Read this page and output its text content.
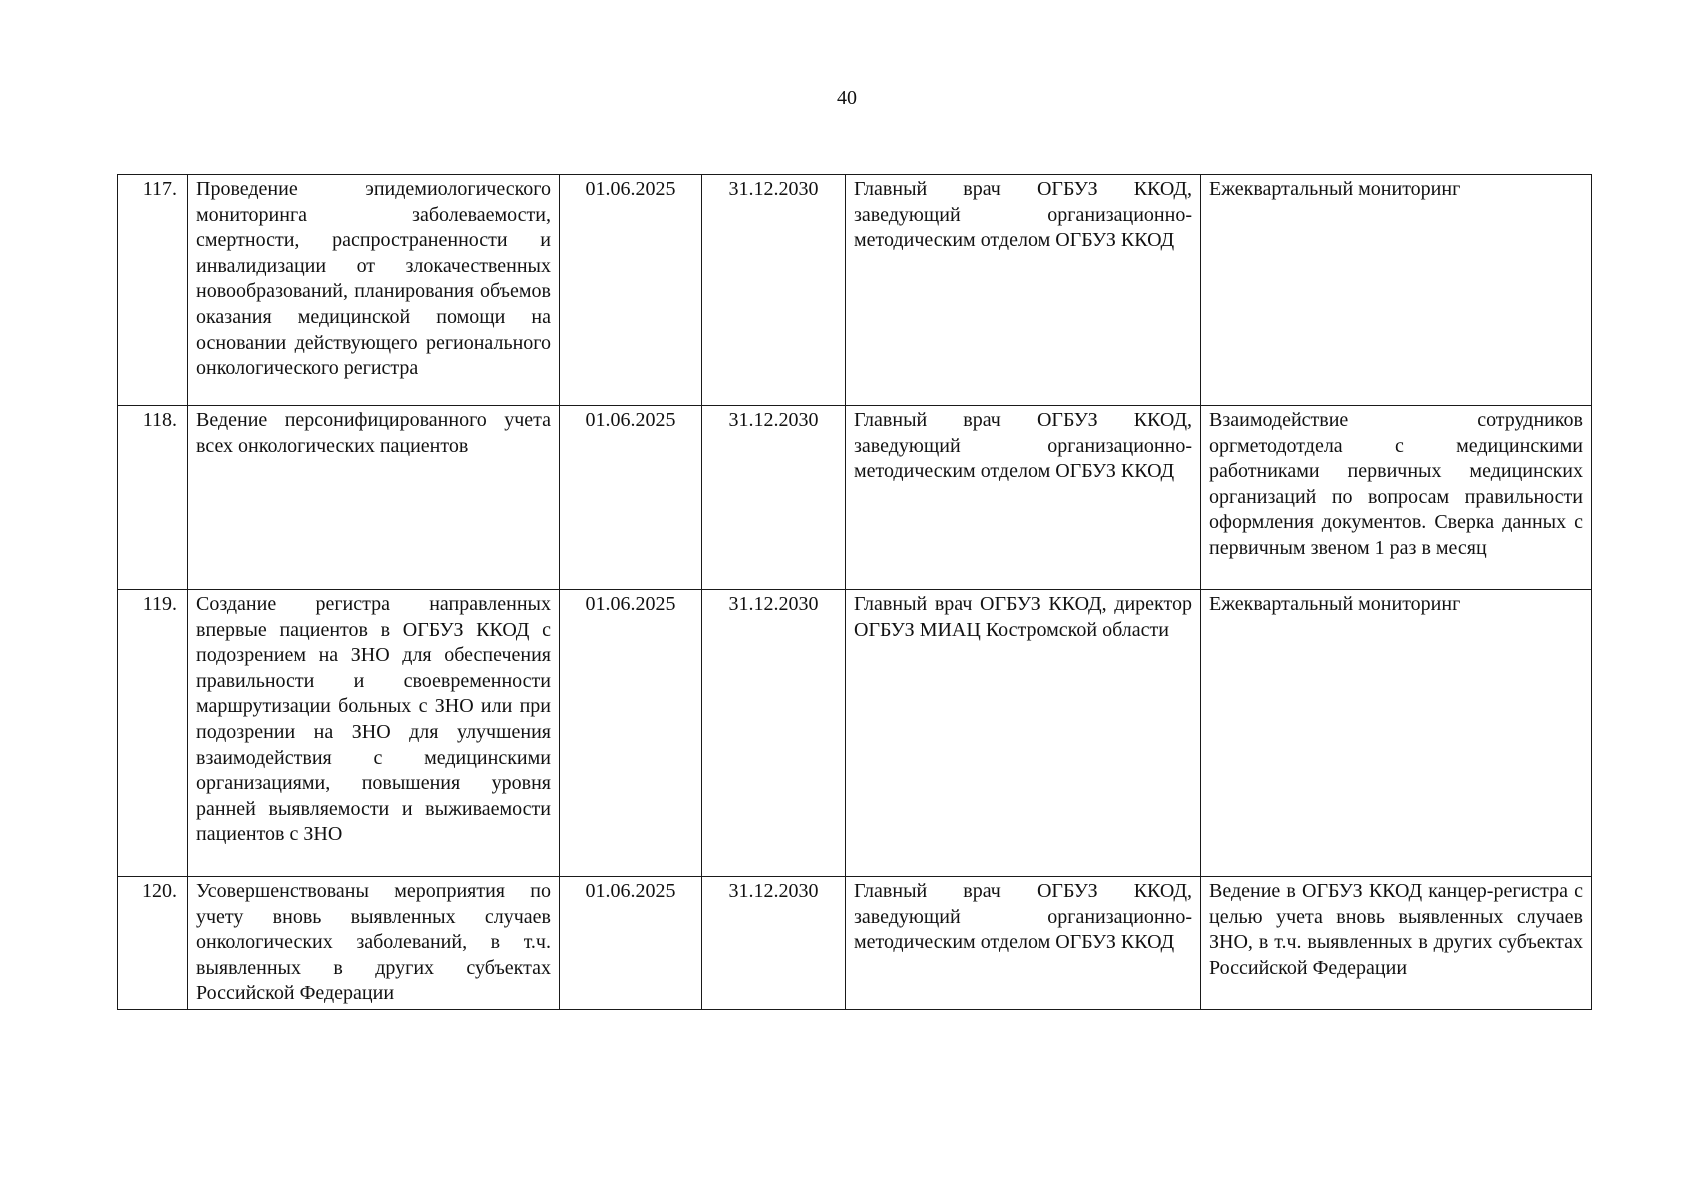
40
117.	Проведение эпидемиологического мониторинга заболеваемости, смертности, распространенности и инвалидизации от злокачественных новообразований, планирования объемов оказания медицинской помощи на основании действующего регионального онкологического регистра	01.06.2025	31.12.2030	Главный врач ОГБУЗ ККОД, заведующий организационно-методическим отделом ОГБУЗ ККОД	Ежеквартальный мониторинг
118.	Ведение персонифицированного учета всех онкологических пациентов	01.06.2025	31.12.2030	Главный врач ОГБУЗ ККОД, заведующий организационно-методическим отделом ОГБУЗ ККОД	Взаимодействие сотрудников оргметодотдела с медицинскими работниками первичных медицинских организаций по вопросам правильности оформления документов. Сверка данных с первичным звеном 1 раз в месяц
119.	Создание регистра направленных впервые пациентов в ОГБУЗ ККОД с подозрением на ЗНО для обеспечения правильности и своевременности маршрутизации больных с ЗНО или при подозрении на ЗНО для улучшения взаимодействия с медицинскими организациями, повышения уровня ранней выявляемости и выживаемости пациентов с ЗНО	01.06.2025	31.12.2030	Главный врач ОГБУЗ ККОД, директор ОГБУЗ МИАЦ Костромской области	Ежеквартальный мониторинг
120.	Усовершенствованы мероприятия по учету вновь выявленных случаев онкологических заболеваний, в т.ч. выявленных в других субъектах Российской Федерации	01.06.2025	31.12.2030	Главный врач ОГБУЗ ККОД, заведующий организационно-методическим отделом ОГБУЗ ККОД	Ведение в ОГБУЗ ККОД канцер-регистра с целью учета вновь выявленных случаев ЗНО, в т.ч. выявленных в других субъектах Российской Федерации
